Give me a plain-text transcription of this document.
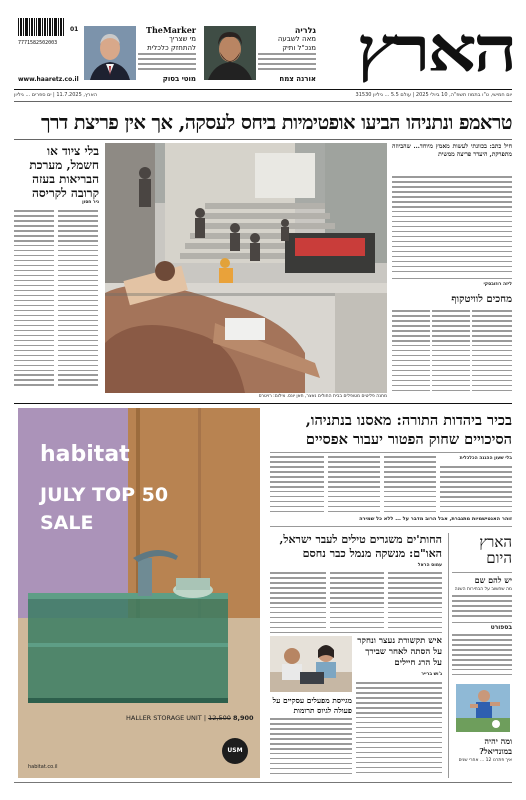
7771582502003
01
www.haaretz.co.il
TheMarker
מי שצריך
להתחזק כלכלית
מוטי בסוק
גלריה
מאה לשבעה
מנכ"ל ותיק
אורנה צמח הארץ
הארץ, 11.7.2025 | ים ספרים ... גיליון	יום חמישי, ט"ו בתמוז תשפ"ה, 10 ביולי 2025 | עולם 5.5 ... גיליון 31530
טראמפ ונתניהו הביעו אופטימיות ביחס לעסקה, אך אין פריצת דרך
בלי ציוד או חשמל, מערכת הבריאות בעזה קרובה לקריסה
ניר חסון
מחנה פליטים מטופלים בבית החולים נאצר, חאן יונס. צילום: רויטרס
חיל כתב: בכוונתי לעשות מאמץ מיוחד... שהביוזה מתפרקת, היעדר פריצה ממשית
ליזה רוזובסקי
מחכים לוויטקוף
habitat
JULY TOP 50
SALE
HALLER STORAGE UNIT | 12,500 8,900
habitat.co.il
USM
בכיר ביהדות התורה: מאסנו בנתניהו, הסיכויים שחוק הפטור יעבור אפסיים
בלי שעון ההגנה הכלכלית
זוהר האנטישמיות מתגברת, אבל הרוב מדבר על ... ללא כל שמירה
החות'ים משגרים טילים לעבר ישראל, האו"ם: מנשקה מנמל כבר נחסם
עמוס הראל
איש תקשורת נעצר ונחקר על הסתה לאחר שבירך על הרג חיילים
ג'וש ברייר
מגייסת מפעלים עסקיים על פעולה לגיוס תרומות
הארץ היום
יש להם שם
מה שחשוב על הבחירות השנה
בספורט
ומה יהיה במונדיאל?
איך פתרנו 12 ... אחרי שנים
